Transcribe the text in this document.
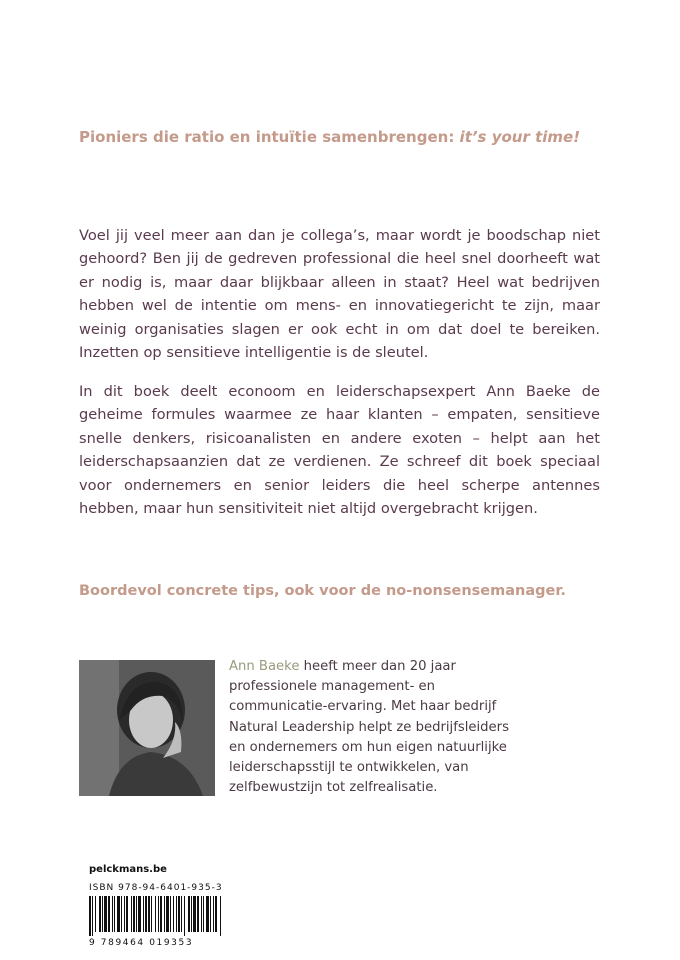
Pioniers die ratio en intuïtie samenbrengen: it’s your time!

Voel jij veel meer aan dan je collega’s, maar wordt je boodschap niet gehoord? Ben jij de gedreven professional die heel snel doorheeft wat er nodig is, maar daar blijkbaar alleen in staat? Heel wat bedrijven hebben wel de intentie om mens- en innovatiegericht te zijn, maar weinig organisaties slagen er ook echt in om dat doel te bereiken. Inzetten op sensitieve intelligentie is de sleutel.

In dit boek deelt econoom en leiderschapsexpert Ann Baeke de geheime formules waarmee ze haar klanten – empaten, sensitieve snelle denkers, risicoanalisten en andere exoten – helpt aan het leiderschapsaanzien dat ze verdienen. Ze schreef dit boek speciaal voor ondernemers en senior leiders die heel scherpe antennes hebben, maar hun sensitiviteit niet altijd overgebracht krijgen.

Boordevol concrete tips, ook voor de no-nonsensemanager.

Ann Baeke heeft meer dan 20 jaar professionele management- en communicatie-ervaring. Met haar bedrijf Natural Leadership helpt ze bedrijfsleiders en ondernemers om hun eigen natuurlijke leiderschapsstijl te ontwikkelen, van zelfbewustzijn tot zelfrealisatie.

pelckmans.be

ISBN 978-94-6401-935-3

9 789464 019353
